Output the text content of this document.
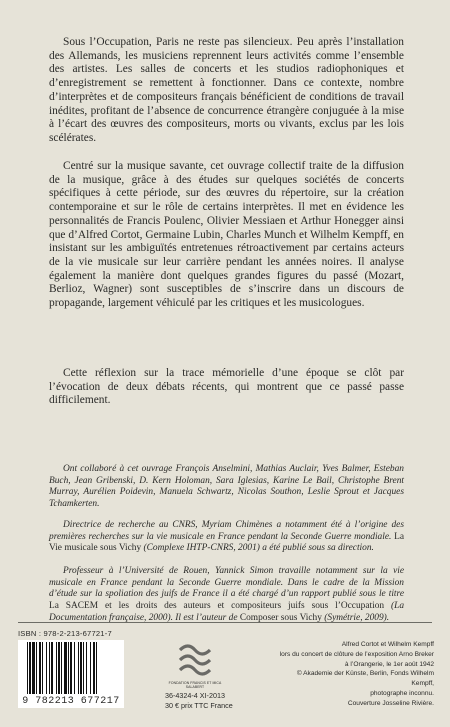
Sous l’Occupation, Paris ne reste pas silencieux. Peu après l’installation des Allemands, les musiciens reprennent leurs activités comme l’ensemble des artistes. Les salles de concerts et les studios radiophoniques et d’enregistrement se remettent à fonctionner. Dans ce contexte, nombre d’interprètes et de compositeurs français bénéficient de conditions de travail inédites, profitant de l’absence de concurrence étrangère conjuguée à la mise à l’écart des œuvres des compositeurs, morts ou vivants, exclus par les lois scélérates.

Centré sur la musique savante, cet ouvrage collectif traite de la diffusion de la musique, grâce à des études sur quelques sociétés de concerts spécifiques à cette période, sur des œuvres du répertoire, sur la création contemporaine et sur le rôle de certains interprètes. Il met en évidence les personnalités de Francis Poulenc, Olivier Messiaen et Arthur Honegger ainsi que d’Alfred Cortot, Germaine Lubin, Charles Munch et Wilhelm Kempff, en insistant sur les ambiguïtés entretenues rétroactivement par certains acteurs de la vie musicale sur leur carrière pendant les années noires. Il analyse également la manière dont quelques grandes figures du passé (Mozart, Berlioz, Wagner) sont susceptibles de s’inscrire dans un discours de propagande, largement véhiculé par les critiques et les musicologues.

Cette réflexion sur la trace mémorielle d’une époque se clôt par l’évocation de deux débats récents, qui montrent que ce passé passe difficilement.

Ont collaboré à cet ouvrage François Anselmini, Mathias Auclair, Yves Balmer, Esteban Buch, Jean Gribenski, D. Kern Holoman, Sara Iglesias, Karine Le Bail, Christophe Brent Murray, Aurélien Poidevin, Manuela Schwartz, Nicolas Southon, Leslie Sprout et Jacques Tchamkerten.

Directrice de recherche au CNRS, Myriam Chimènes a notamment été à l’origine des premières recherches sur la vie musicale en France pendant la Seconde Guerre mondiale. La Vie musicale sous Vichy (Complexe IHTP-CNRS, 2001) a été publié sous sa direction.

Professeur à l’Université de Rouen, Yannick Simon travaille notamment sur la vie musicale en France pendant la Seconde Guerre mondiale. Dans le cadre de la Mission d’étude sur la spoliation des juifs de France il a été chargé d’un rapport publié sous le titre La SACEM et les droits des auteurs et compositeurs juifs sous l’Occupation (La Documentation française, 2000). Il est l’auteur de Composer sous Vichy (Symétrie, 2009).

ISBN : 978-2-213-67721-7
9 782213 677217
FONDATION FRANCIS ET MICA SALABERT
36-4324-4 XI-2013
30 € prix TTC France
Alfred Cortot et Wilhelm Kempff
lors du concert de clôture de l’exposition Arno Breker
à l’Orangerie, le 1er août 1942
© Akademie der Künste, Berlin, Fonds Wilhelm Kempff,
photographe inconnu.
Couverture Josseline Rivière.
